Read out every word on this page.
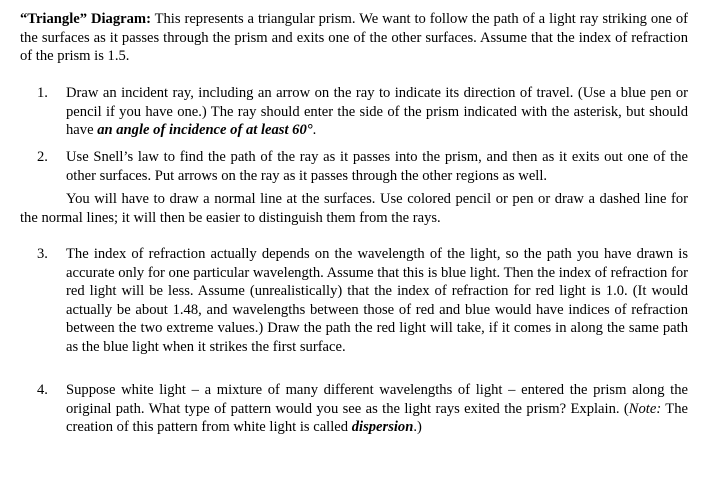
“Triangle” Diagram: This represents a triangular prism. We want to follow the path of a light ray striking one of the surfaces as it passes through the prism and exits one of the other surfaces. Assume that the index of refraction of the prism is 1.5.
1.	Draw an incident ray, including an arrow on the ray to indicate its direction of travel. (Use a blue pen or pencil if you have one.) The ray should enter the side of the prism indicated with the asterisk, but should have an angle of incidence of at least 60°.
2.	Use Snell’s law to find the path of the ray as it passes into the prism, and then as it exits out one of the other surfaces. Put arrows on the ray as it passes through the other regions as well.
You will have to draw a normal line at the surfaces. Use colored pencil or pen or draw a dashed line for the normal lines; it will then be easier to distinguish them from the rays.
3.	The index of refraction actually depends on the wavelength of the light, so the path you have drawn is accurate only for one particular wavelength. Assume that this is blue light. Then the index of refraction for red light will be less. Assume (unrealistically) that the index of refraction for red light is 1.0. (It would actually be about 1.48, and wavelengths between those of red and blue would have indices of refraction between the two extreme values.) Draw the path the red light will take, if it comes in along the same path as the blue light when it strikes the first surface.
4.	Suppose white light – a mixture of many different wavelengths of light – entered the prism along the original path. What type of pattern would you see as the light rays exited the prism? Explain. (Note: The creation of this pattern from white light is called dispersion.)
